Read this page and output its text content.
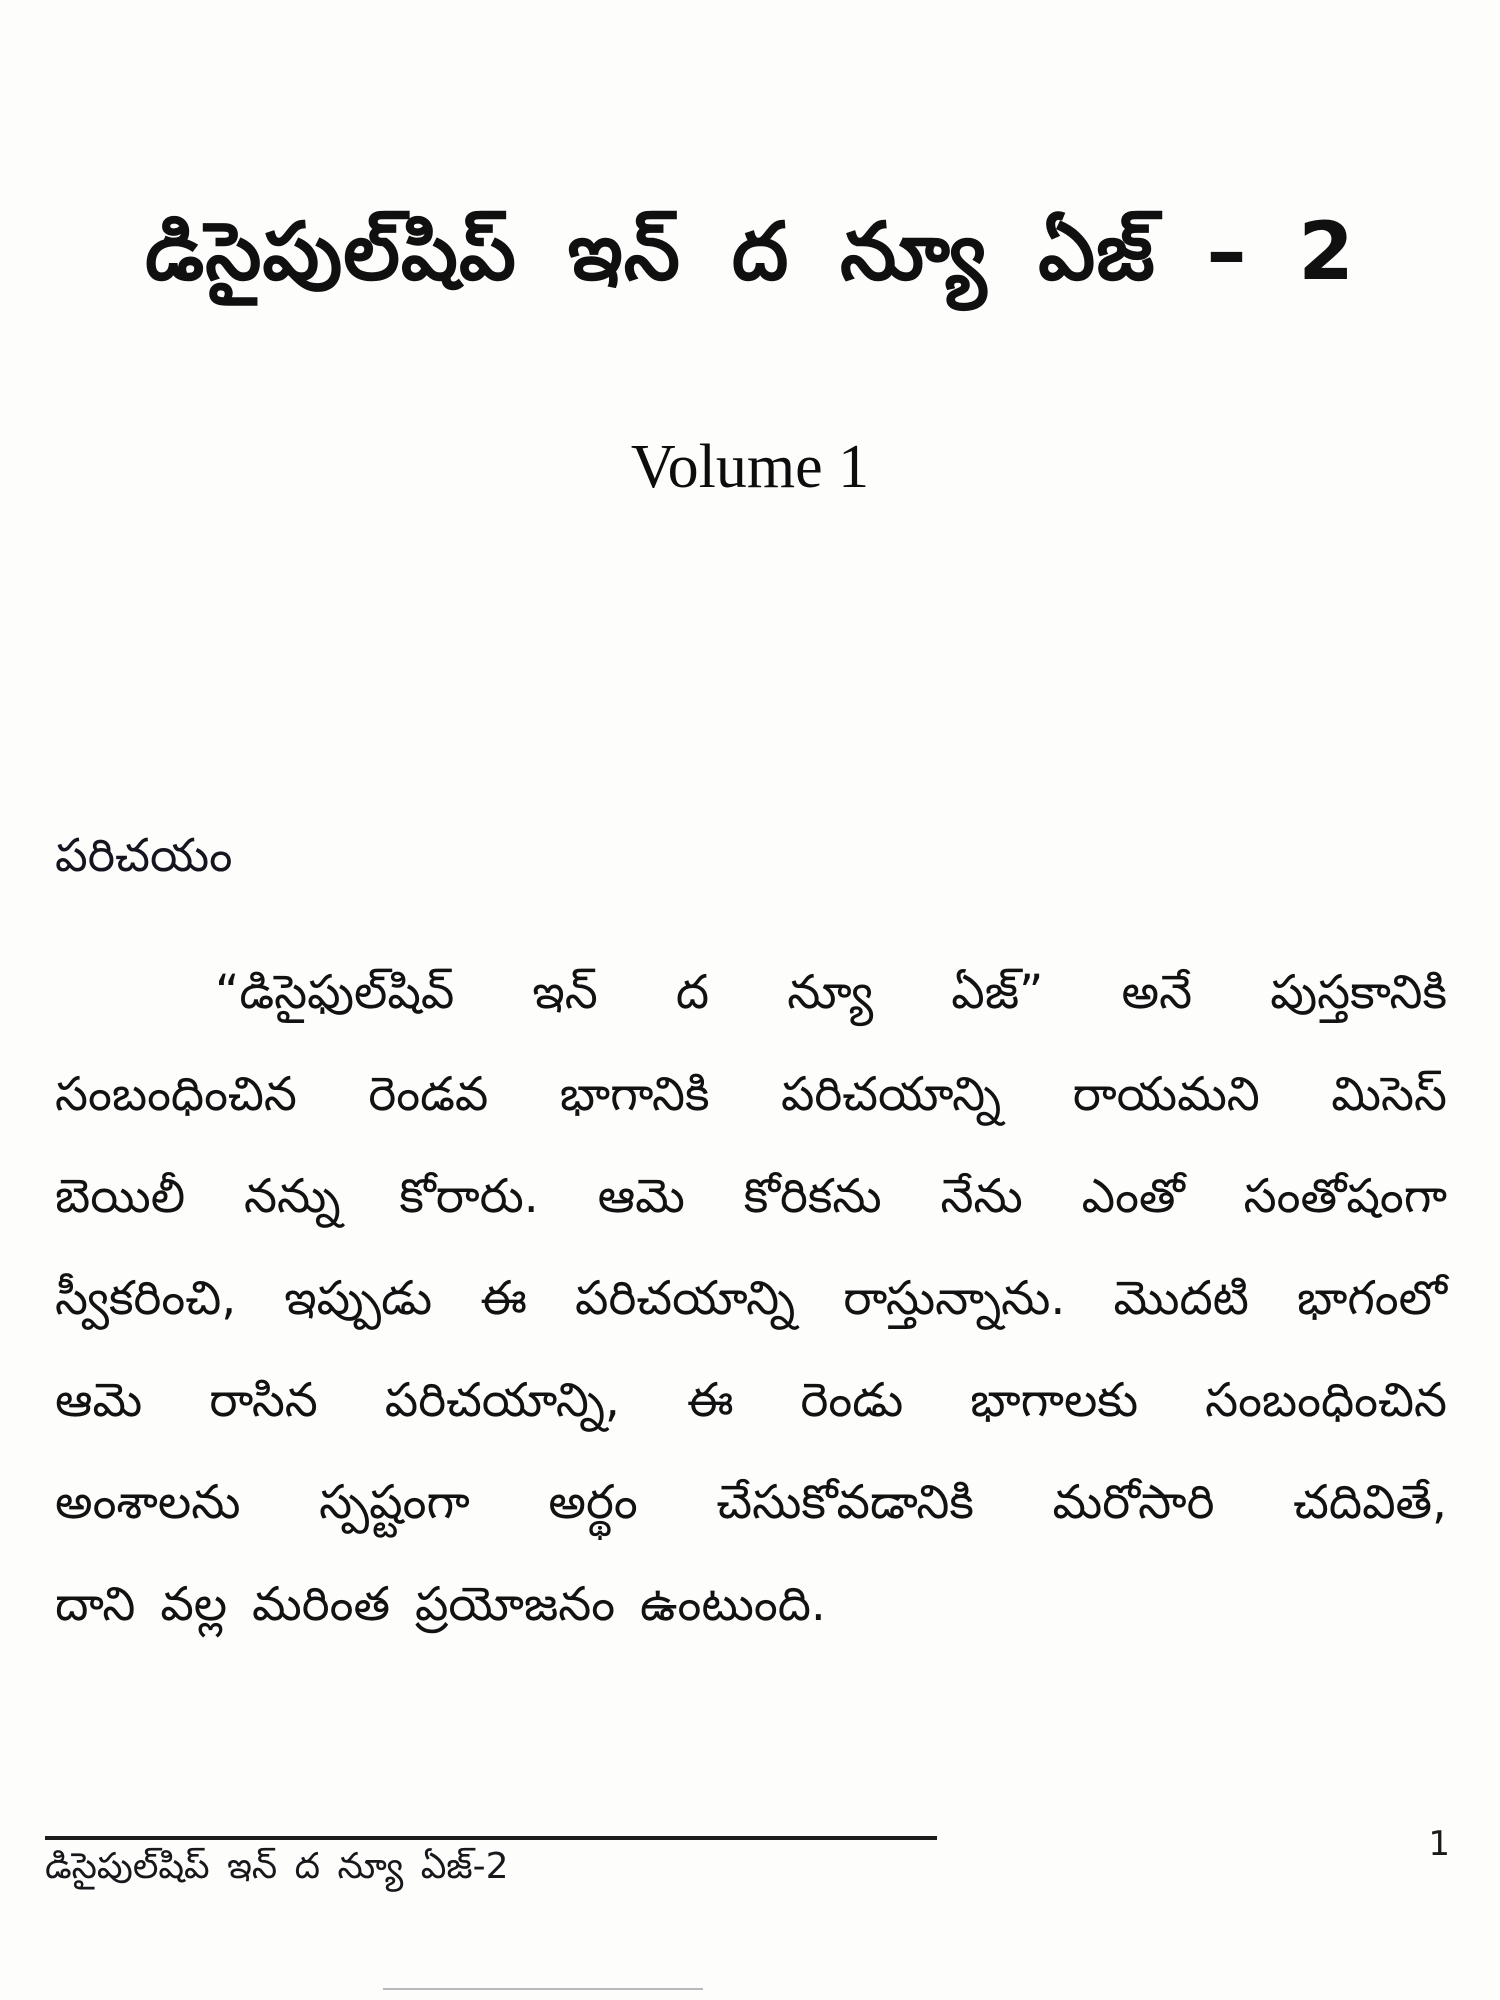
డిసైపుల్‌షిప్ ఇన్ ద న్యూ ఏజ్ – 2
Volume 1
పరిచయం
“డిసైఫుల్‌షివ్ ఇన్ ద న్యూ ఏజ్” అనే పుస్తకానికి
సంబంధించిన రెండవ భాగానికి పరిచయాన్ని రాయమని మిసెస్
బెయిలీ నన్ను కోరారు. ఆమె కోరికను నేను ఎంతో సంతోషంగా
స్వీకరించి, ఇప్పుడు ఈ పరిచయాన్ని రాస్తున్నాను. మొదటి భాగంలో
ఆమె రాసిన పరిచయాన్ని, ఈ రెండు భాగాలకు సంబంధించిన
అంశాలను స్పష్టంగా అర్థం చేసుకోవడానికి మరోసారి చదివితే,
దాని వల్ల మరింత ప్రయోజనం ఉంటుంది.
డిసైపుల్‌షిప్ ఇన్ ద న్యూ ఏజ్-2
1
